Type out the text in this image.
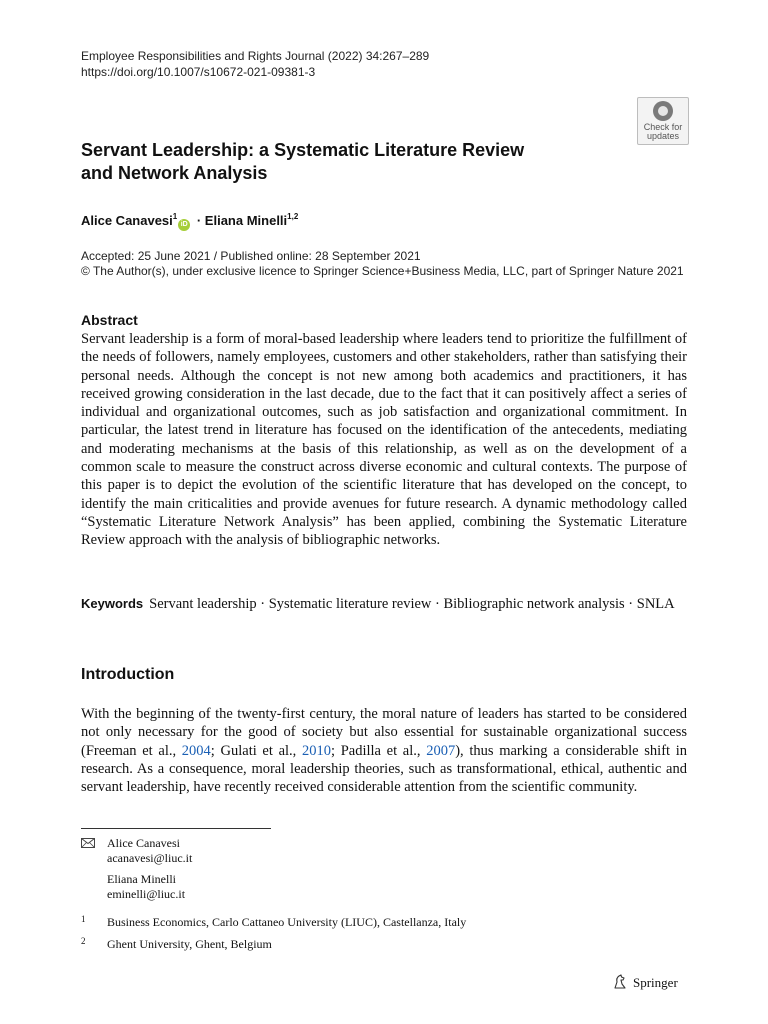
Employee Responsibilities and Rights Journal (2022) 34:267–289
https://doi.org/10.1007/s10672-021-09381-3
Check for
updates
Servant Leadership: a Systematic Literature Review
and Network Analysis
Alice Canavesi$^1$iD · Eliana Minelli$^{1,2}$
Accepted: 25 June 2021 / Published online: 28 September 2021
© The Author(s), under exclusive licence to Springer Science+Business Media, LLC, part of Springer Nature 2021
Abstract
Servant leadership is a form of moral-based leadership where leaders tend to prioritize the fulfillment of the needs of followers, namely employees, customers and other stakeholders, rather than satisfying their personal needs. Although the concept is not new among both academics and practitioners, it has received growing consideration in the last decade, due to the fact that it can positively affect a series of individual and organizational outcomes, such as job satisfaction and organizational commitment. In particular, the latest trend in literature has focused on the identification of the antecedents, mediating and moderating mechanisms at the basis of this relationship, as well as on the development of a common scale to measure the construct across diverse economic and cultural contexts. The purpose of this paper is to depict the evolution of the scientific literature that has developed on the concept, to identify the main criticalities and provide avenues for future research. A dynamic methodology called “Systematic Literature Network Analysis” has been applied, combining the Systematic Literature Review approach with the analysis of bibliographic networks.
Keywords Servant leadership · Systematic literature review · Bibliographic network analysis · SNLA
Introduction
With the beginning of the twenty-first century, the moral nature of leaders has started to be considered not only necessary for the good of society but also essential for sustainable organizational success (Freeman et al., 2004; Gulati et al., 2010; Padilla et al., 2007), thus marking a considerable shift in research. As a consequence, moral leadership theories, such as transformational, ethical, authentic and servant leadership, have recently received considerable attention from the scientific community.
Alice Canavesi
acanavesi@liuc.it
Eliana Minelli
eminelli@liuc.it
1 Business Economics, Carlo Cattaneo University (LIUC), Castellanza, Italy
2 Ghent University, Ghent, Belgium
Springer
